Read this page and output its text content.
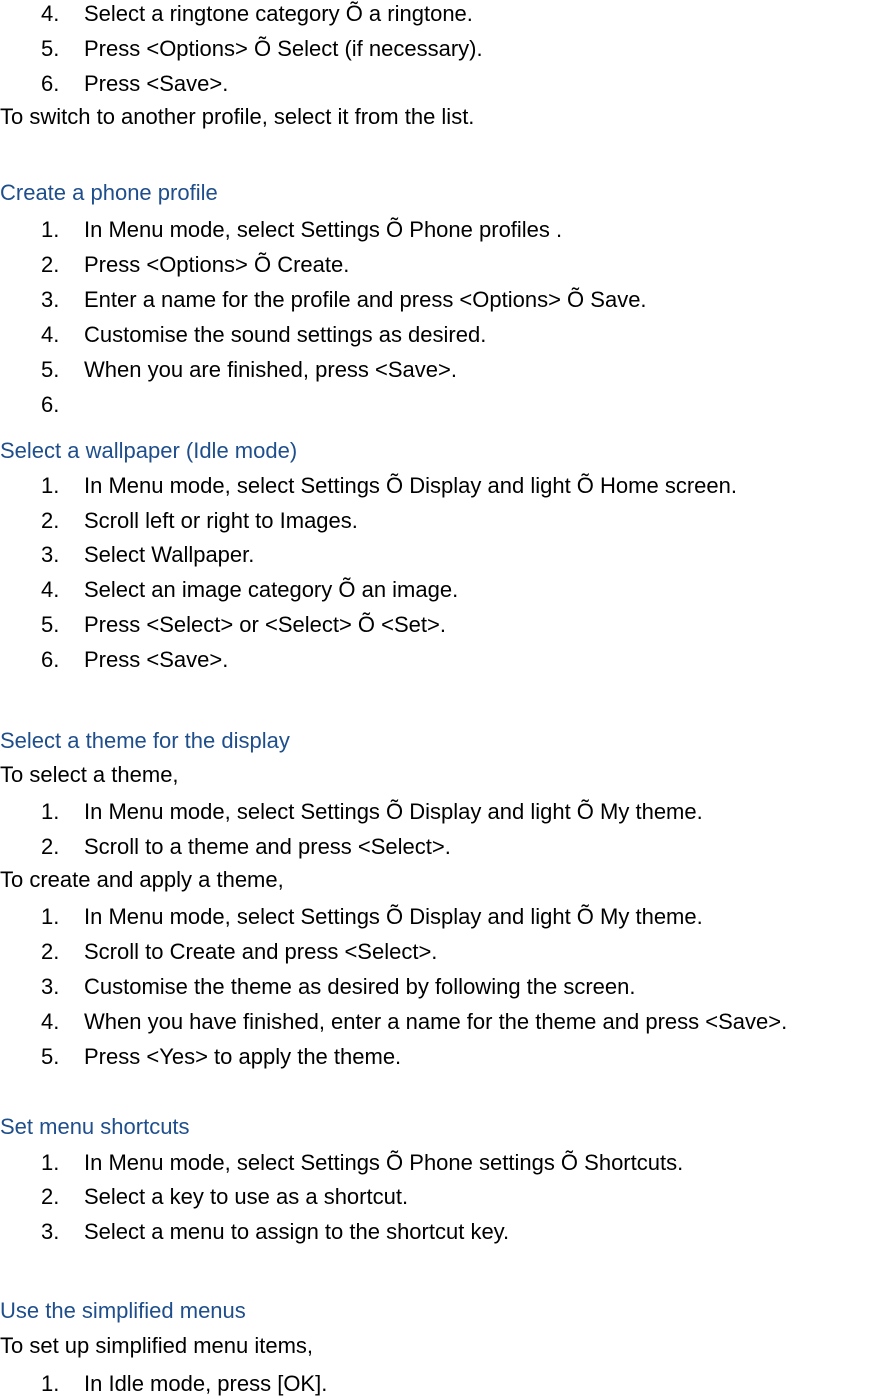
4. Select a ringtone category Õ a ringtone.
5. Press <Options> Õ Select (if necessary).
6. Press <Save>.
To switch to another profile, select it from the list.
Create a phone profile
1. In Menu mode, select Settings Õ Phone profiles .
2. Press <Options> Õ Create.
3. Enter a name for the profile and press <Options> Õ Save.
4. Customise the sound settings as desired.
5. When you are finished, press <Save>.
6.
Select a wallpaper (Idle mode)
1. In Menu mode, select Settings Õ Display and light Õ Home screen.
2. Scroll left or right to Images.
3. Select Wallpaper.
4. Select an image category Õ an image.
5. Press <Select> or <Select> Õ <Set>.
6. Press <Save>.
Select a theme for the display
To select a theme,
1. In Menu mode, select Settings Õ Display and light Õ My theme.
2. Scroll to a theme and press <Select>.
To create and apply a theme,
1. In Menu mode, select Settings Õ Display and light Õ My theme.
2. Scroll to Create and press <Select>.
3. Customise the theme as desired by following the screen.
4. When you have finished, enter a name for the theme and press <Save>.
5. Press <Yes> to apply the theme.
Set menu shortcuts
1. In Menu mode, select Settings Õ Phone settings Õ Shortcuts.
2. Select a key to use as a shortcut.
3. Select a menu to assign to the shortcut key.
Use the simplified menus
To set up simplified menu items,
1. In Idle mode, press [OK].
